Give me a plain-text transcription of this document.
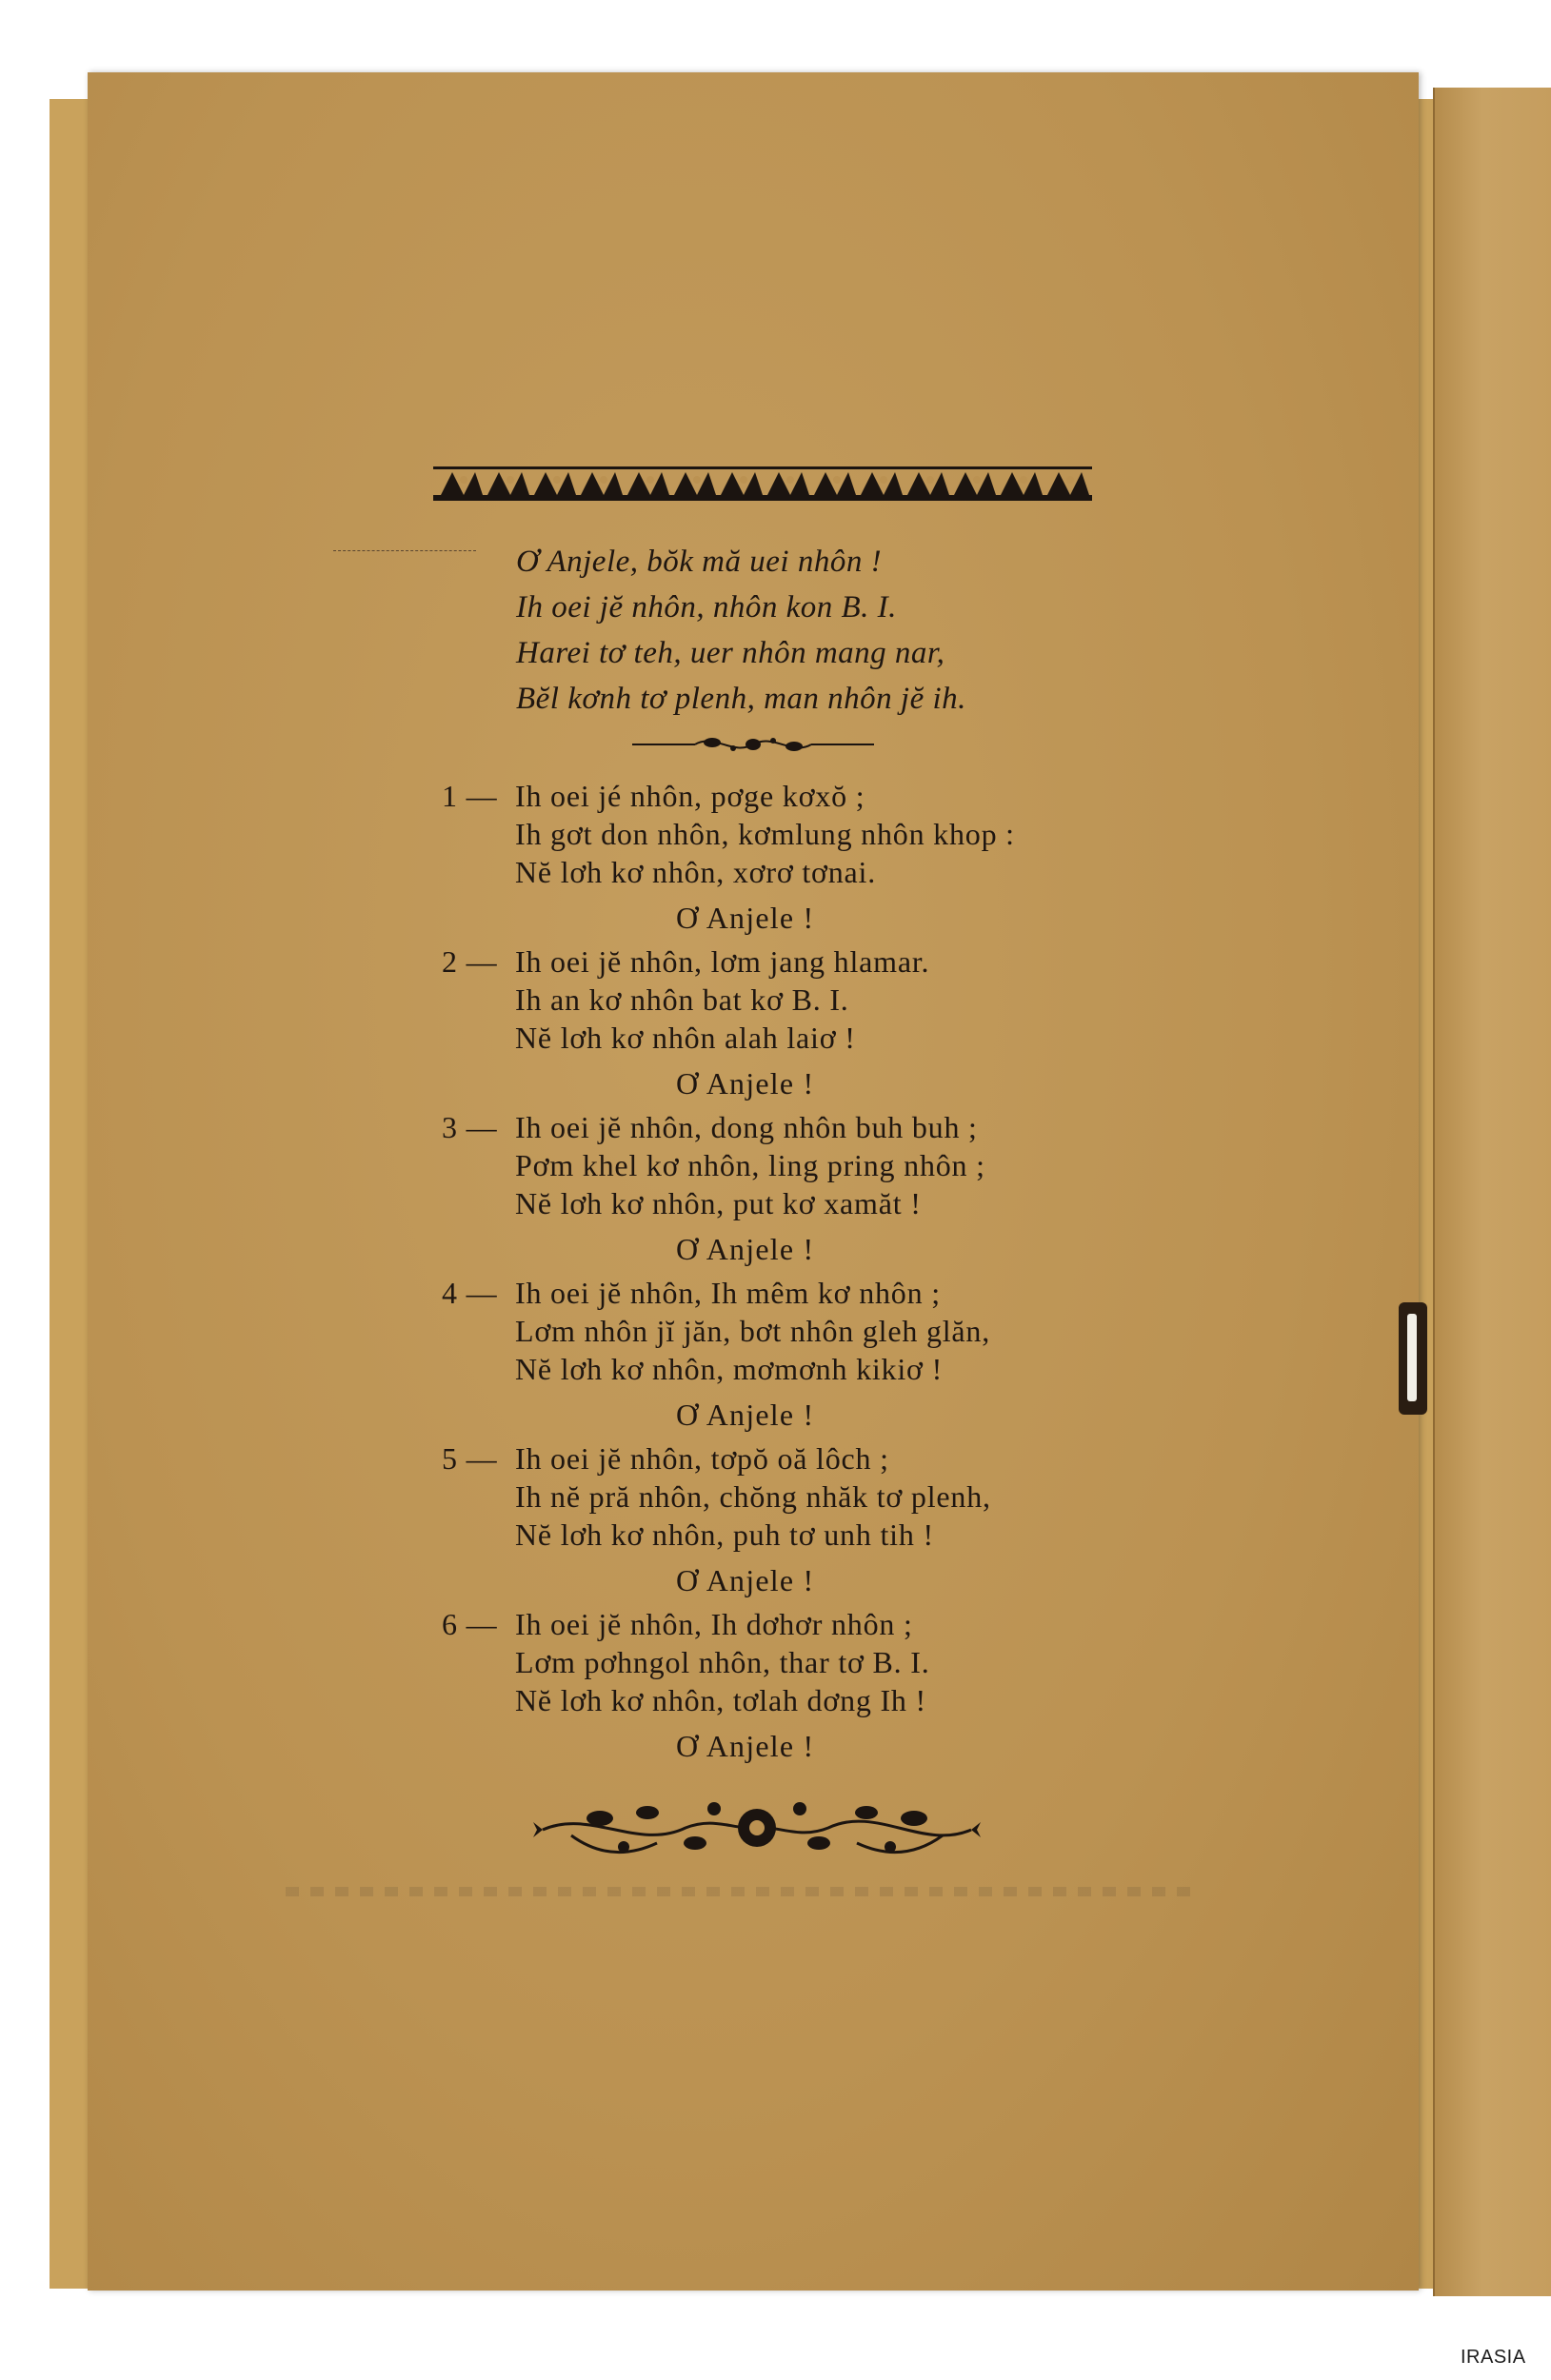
Ơ Anjele, bŏk mă uei nhôn !
Ih oei jĕ nhôn, nhôn kon B. I.
Harei tơ teh, uer nhôn mang nar,
Bĕl kơnh tơ plenh, man nhôn jĕ ih.
1 — Ih oei jé nhôn, pơge kơxŏ ;
Ih gơt don nhôn, kơmlung nhôn khop :
Nĕ lơh kơ nhôn, xơrơ tơnai.
Ơ Anjele !
2 — Ih oei jĕ nhôn, lơm jang hlamar.
Ih an kơ nhôn bat kơ B. I.
Nĕ lơh kơ nhôn alah laiơ !
Ơ Anjele !
3 — Ih oei jĕ nhôn, dong nhôn buh buh ;
Pơm khel kơ nhôn, ling pring nhôn ;
Nĕ lơh kơ nhôn, put kơ xamăt !
Ơ Anjele !
4 — Ih oei jĕ nhôn, Ih mêm kơ nhôn ;
Lơm nhôn jĭ jăn, bơt nhôn gleh glăn,
Nĕ lơh kơ nhôn, mơmơnh kikiơ !
Ơ Anjele !
5 — Ih oei jĕ nhôn, tơpŏ oă lôch ;
Ih nĕ pră nhôn, chŏng nhăk tơ plenh,
Nĕ lơh kơ nhôn, puh tơ unh tih !
Ơ Anjele !
6 — Ih oei jĕ nhôn, Ih dơhơr nhôn ;
Lơm pơhngol nhôn, thar tơ B. I.
Nĕ lơh kơ nhôn, tơlah dơng Ih !
Ơ Anjele !
IRASIA
